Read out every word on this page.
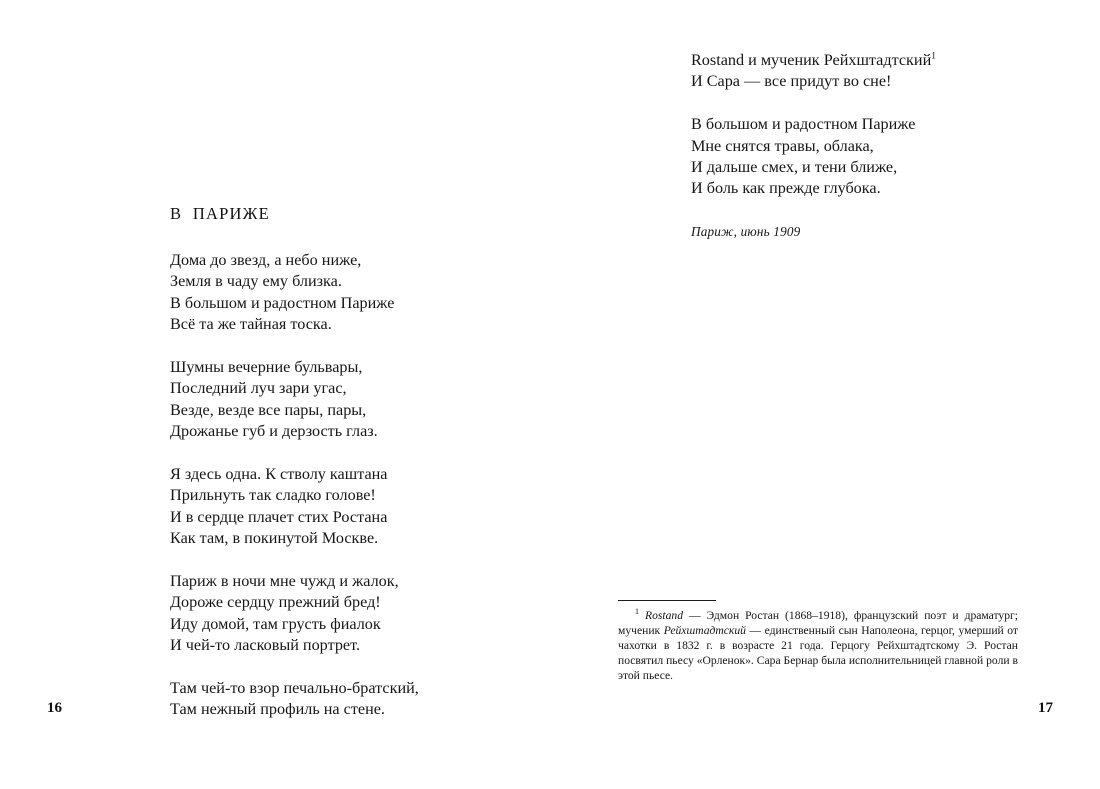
В  ПАРИЖЕ
Дома до звезд, а небо ниже,
Земля в чаду ему близка.
В большом и радостном Париже
Всё та же тайная тоска.
Шумны вечерние бульвары,
Последний луч зари угас,
Везде, везде все пары, пары,
Дрожанье губ и дерзость глаз.
Я здесь одна. К стволу каштана
Прильнуть так сладко голове!
И в сердце плачет стих Ростана
Как там, в покинутой Москве.
Париж в ночи мне чужд и жалок,
Дороже сердцу прежний бред!
Иду домой, там грусть фиалок
И чей-то ласковый портрет.
Там чей-то взор печально-братский,
Там нежный профиль на стене.
16
Rostand и мученик Рейхштадтский$^1$
И Сара — все придут во сне!
В большом и радостном Париже
Мне снятся травы, облака,
И дальше смех, и тени ближе,
И боль как прежде глубока.
Париж, июнь 1909
$^1$ Rostand — Эдмон Ростан (1868–1918), французский поэт и драматург; мученик Рейхштадтский — единственный сын Наполеона, герцог, умерший от чахотки в 1832 г. в возрасте 21 года. Герцогу Рейхштадтскому Э. Ростан посвятил пьесу «Орленок». Сара Бернар была исполнительницей главной роли в этой пьесе.
17
